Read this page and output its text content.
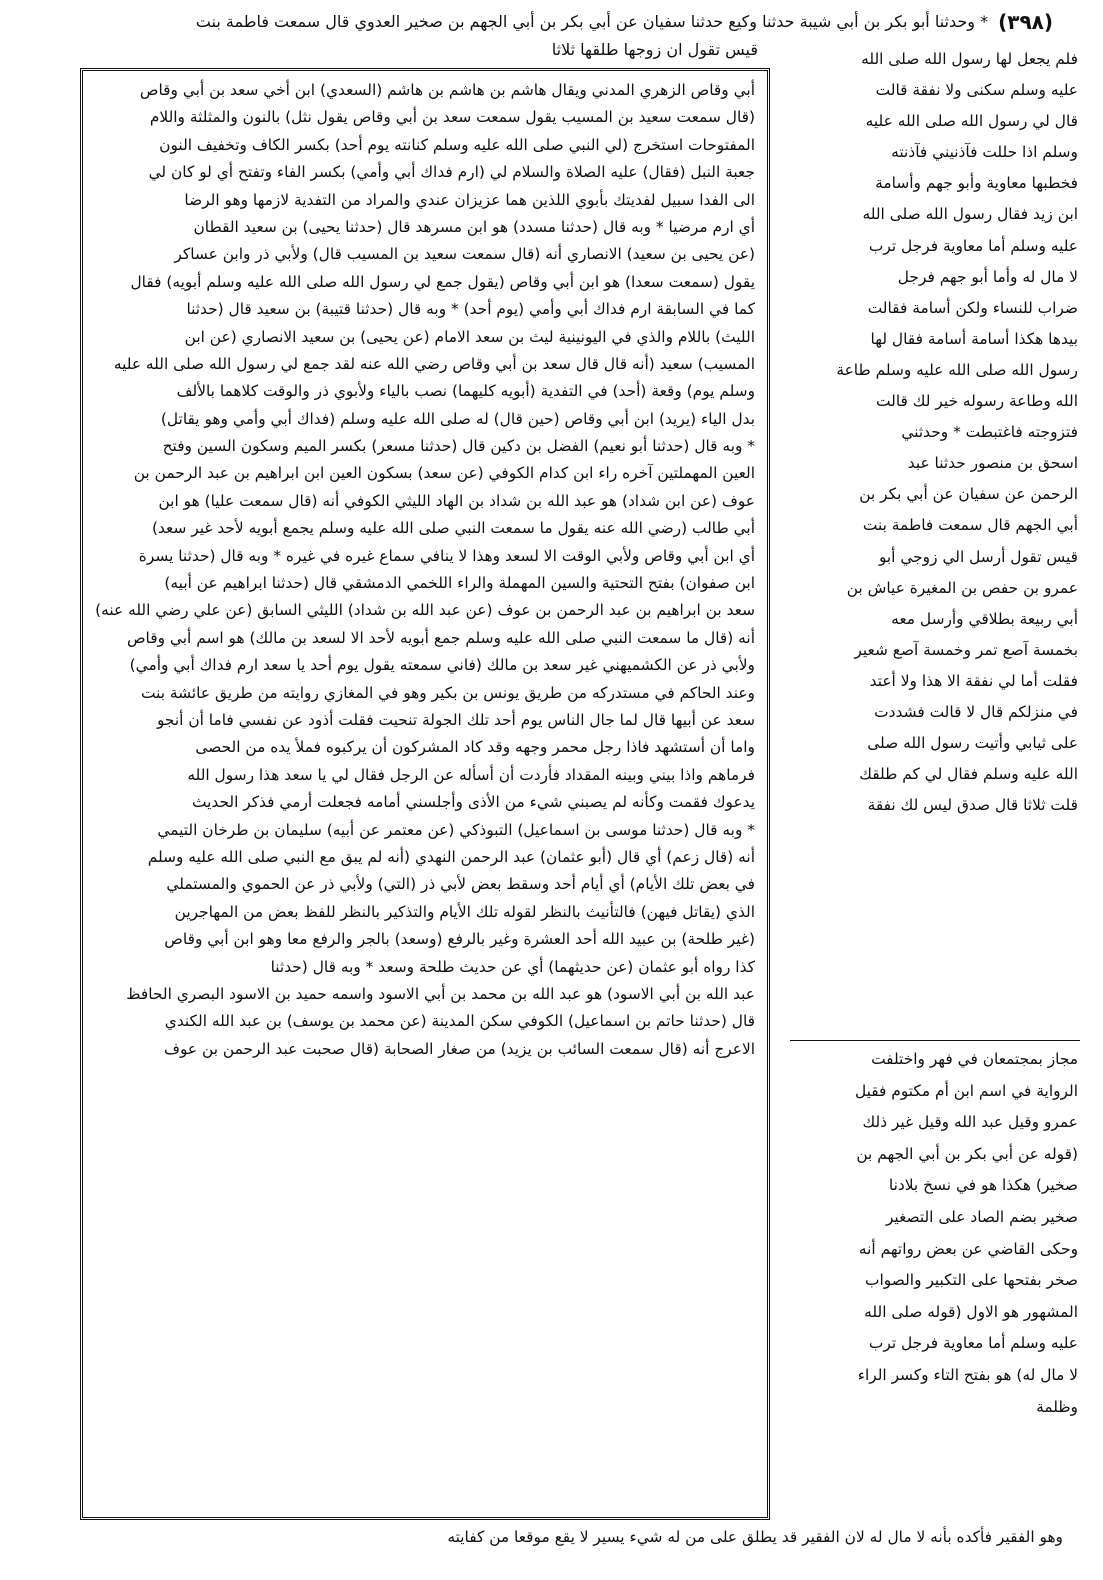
* وحدثنا أبو بكر بن أبي شيبة حدثنا وكيع حدثنا سفيان عن أبي بكر بن أبي الجهم بن صخير العدوي قال سمعت فاطمة بنت (٣٩٨)
قيس تقول ان زوجها طلقها ثلاثا
أبي وقاص الزهري المدني ويقال هاشم بن هاشم بن هاشم (السعدي) ابن أخي سعد بن أبي وقاص
(قال سمعت سعيد بن المسيب يقول سمعت سعد بن أبي وقاص يقول نثل) بالنون والمثلثة واللام
المفتوحات استخرج (لي النبي صلى الله عليه وسلم كنانته يوم أحد) بكسر الكاف وتخفيف النون
جعبة النبل (فقال) عليه الصلاة والسلام لي (ارم فداك أبي وأمي) بكسر الفاء وتفتح أي لو كان لي
الى الفدا سبيل لفديتك بأبوي اللذين هما عزيزان عندي والمراد من التفدية لازمها وهو الرضا
أي ارم مرضيا * وبه قال (حدثنا مسدد) هو ابن مسرهد قال (حدثنا يحيى) بن سعيد القطان
(عن يحيى بن سعيد) الانصاري أنه (قال سمعت سعيد بن المسيب قال) ولأبي ذر وابن عساكر
يقول (سمعت سعدا) هو ابن أبي وقاص (يقول جمع لي رسول الله صلى الله عليه وسلم أبويه) فقال
كما في السابقة ارم فداك أبي وأمي (يوم أحد) * وبه قال (حدثنا قتيبة) بن سعيد قال (حدثنا
الليث) باللام والذي في اليونينية ليث بن سعد الامام (عن يحيى) بن سعيد الانصاري (عن ابن
المسيب) سعيد (أنه قال قال سعد بن أبي وقاص رضي الله عنه لقد جمع لي رسول الله صلى الله عليه
وسلم يوم) وقعة (أحد) في التفدية (أبويه كليهما) نصب بالياء ولأبوي ذر والوقت كلاهما بالألف
بدل الياء (يريد) ابن أبي وقاص (حين قال) له صلى الله عليه وسلم (فداك أبي وأمي وهو يقاتل)
* وبه قال (حدثنا أبو نعيم) الفضل بن دكين قال (حدثنا مسعر) بكسر الميم وسكون السين وفتح
العين المهملتين آخره راء ابن كدام الكوفي (عن سعد) بسكون العين ابن ابراهيم بن عبد الرحمن بن
عوف (عن ابن شداد) هو عبد الله بن شداد بن الهاد الليثي الكوفي أنه (قال سمعت عليا) هو ابن
أبي طالب (رضي الله عنه يقول ما سمعت النبي صلى الله عليه وسلم يجمع أبويه لأحد غير سعد)
أي ابن أبي وقاص ولأبي الوقت الا لسعد وهذا لا ينافي سماع غيره في غيره * وبه قال (حدثنا يسرة
ابن صفوان) بفتح التحتية والسين المهملة والراء اللخمي الدمشقي قال (حدثنا ابراهيم عن أبيه)
سعد بن ابراهيم بن عبد الرحمن بن عوف (عن عبد الله بن شداد) الليثي السابق (عن علي رضي الله عنه)
أنه (قال ما سمعت النبي صلى الله عليه وسلم جمع أبويه لأحد الا لسعد بن مالك) هو اسم أبي وقاص
ولأبي ذر عن الكشميهني غير سعد بن مالك (فاني سمعته يقول يوم أحد يا سعد ارم فداك أبي وأمي)
وعند الحاكم في مستدركه من طريق يونس بن بكير وهو في المغازي روايته من طريق عائشة بنت
سعد عن أبيها قال لما جال الناس يوم أحد تلك الجولة تنحيت فقلت أذود عن نفسي فاما أن أنجو
واما أن أستشهد فاذا رجل محمر وجهه وقد كاد المشركون أن يركبوه فملأ يده من الحصى
فرماهم واذا بيني وبينه المقداد فأردت أن أسأله عن الرجل فقال لي يا سعد هذا رسول الله
يدعوك فقمت وكأنه لم يصبني شيء من الأذى وأجلسني أمامه فجعلت أرمي فذكر الحديث
* وبه قال (حدثنا موسى بن اسماعيل) التبوذكي (عن معتمر عن أبيه) سليمان بن طرخان التيمي
أنه (قال زعم) أي قال (أبو عثمان) عبد الرحمن النهدي (أنه لم يبق مع النبي صلى الله عليه وسلم
في بعض تلك الأيام) أي أيام أحد وسقط بعض لأبي ذر (التي) ولأبي ذر عن الحموي والمستملي
الذي (يقاتل فيهن) فالتأنيث بالنظر لقوله تلك الأيام والتذكير بالنظر للفظ بعض من المهاجرين
(غير طلحة) بن عبيد الله أحد العشرة وغير بالرفع (وسعد) بالجر والرفع معا وهو ابن أبي وقاص
كذا رواه أبو عثمان (عن حديثهما) أي عن حديث طلحة وسعد * وبه قال (حدثنا
عبد الله بن أبي الاسود) هو عبد الله بن محمد بن أبي الاسود واسمه حميد بن الاسود البصري الحافظ
قال (حدثنا حاتم بن اسماعيل) الكوفي سكن المدينة (عن محمد بن يوسف) بن عبد الله الكندي
الاعرج أنه (قال سمعت السائب بن يزيد) من صغار الصحابة (قال صحبت عبد الرحمن بن عوف
فلم يجعل لها رسول الله صلى الله
عليه وسلم سكنى ولا نفقة قالت
قال لي رسول الله صلى الله عليه
وسلم اذا حللت فآذنيني فآذنته
فخطبها معاوية وأبو جهم وأسامة
ابن زيد فقال رسول الله صلى الله
عليه وسلم أما معاوية فرجل ترب
لا مال له وأما أبو جهم فرجل
ضراب للنساء ولكن أسامة فقالت
بيدها هكذا أسامة أسامة فقال لها
رسول الله صلى الله عليه وسلم طاعة
الله وطاعة رسوله خير لك قالت
فتزوجته فاغتبطت * وحدثني
اسحق بن منصور حدثنا عبد
الرحمن عن سفيان عن أبي بكر بن
أبي الجهم قال سمعت فاطمة بنت
قيس تقول أرسل الي زوجي أبو
عمرو بن حفص بن المغيرة عياش بن
أبي ربيعة بطلاقي وأرسل معه
بخمسة آصع تمر وخمسة آصع شعير
فقلت أما لي نفقة الا هذا ولا أعتد
في منزلكم قال لا قالت فشددت
على ثيابي وأتيت رسول الله صلى
الله عليه وسلم فقال لي كم طلقك
قلت ثلاثا قال صدق ليس لك نفقة
مجاز بمجتمعان في فهر واختلفت
الرواية في اسم ابن أم مكتوم فقيل
عمرو وقيل عبد الله وقيل غير ذلك
(قوله عن أبي بكر بن أبي الجهم بن
صخير) هكذا هو في نسخ بلادنا
صخير بضم الصاد على التصغير
وحكى القاضي عن بعض رواتهم أنه
صخر بفتحها على التكبير والصواب
المشهور هو الاول (قوله صلى الله
عليه وسلم أما معاوية فرجل ترب
لا مال له) هو بفتح التاء وكسر الراء
وظلمة
وهو الفقير فأكده بأنه لا مال له لان الفقير قد يطلق على من له شيء يسير لا يقع موقعا من كفايته
